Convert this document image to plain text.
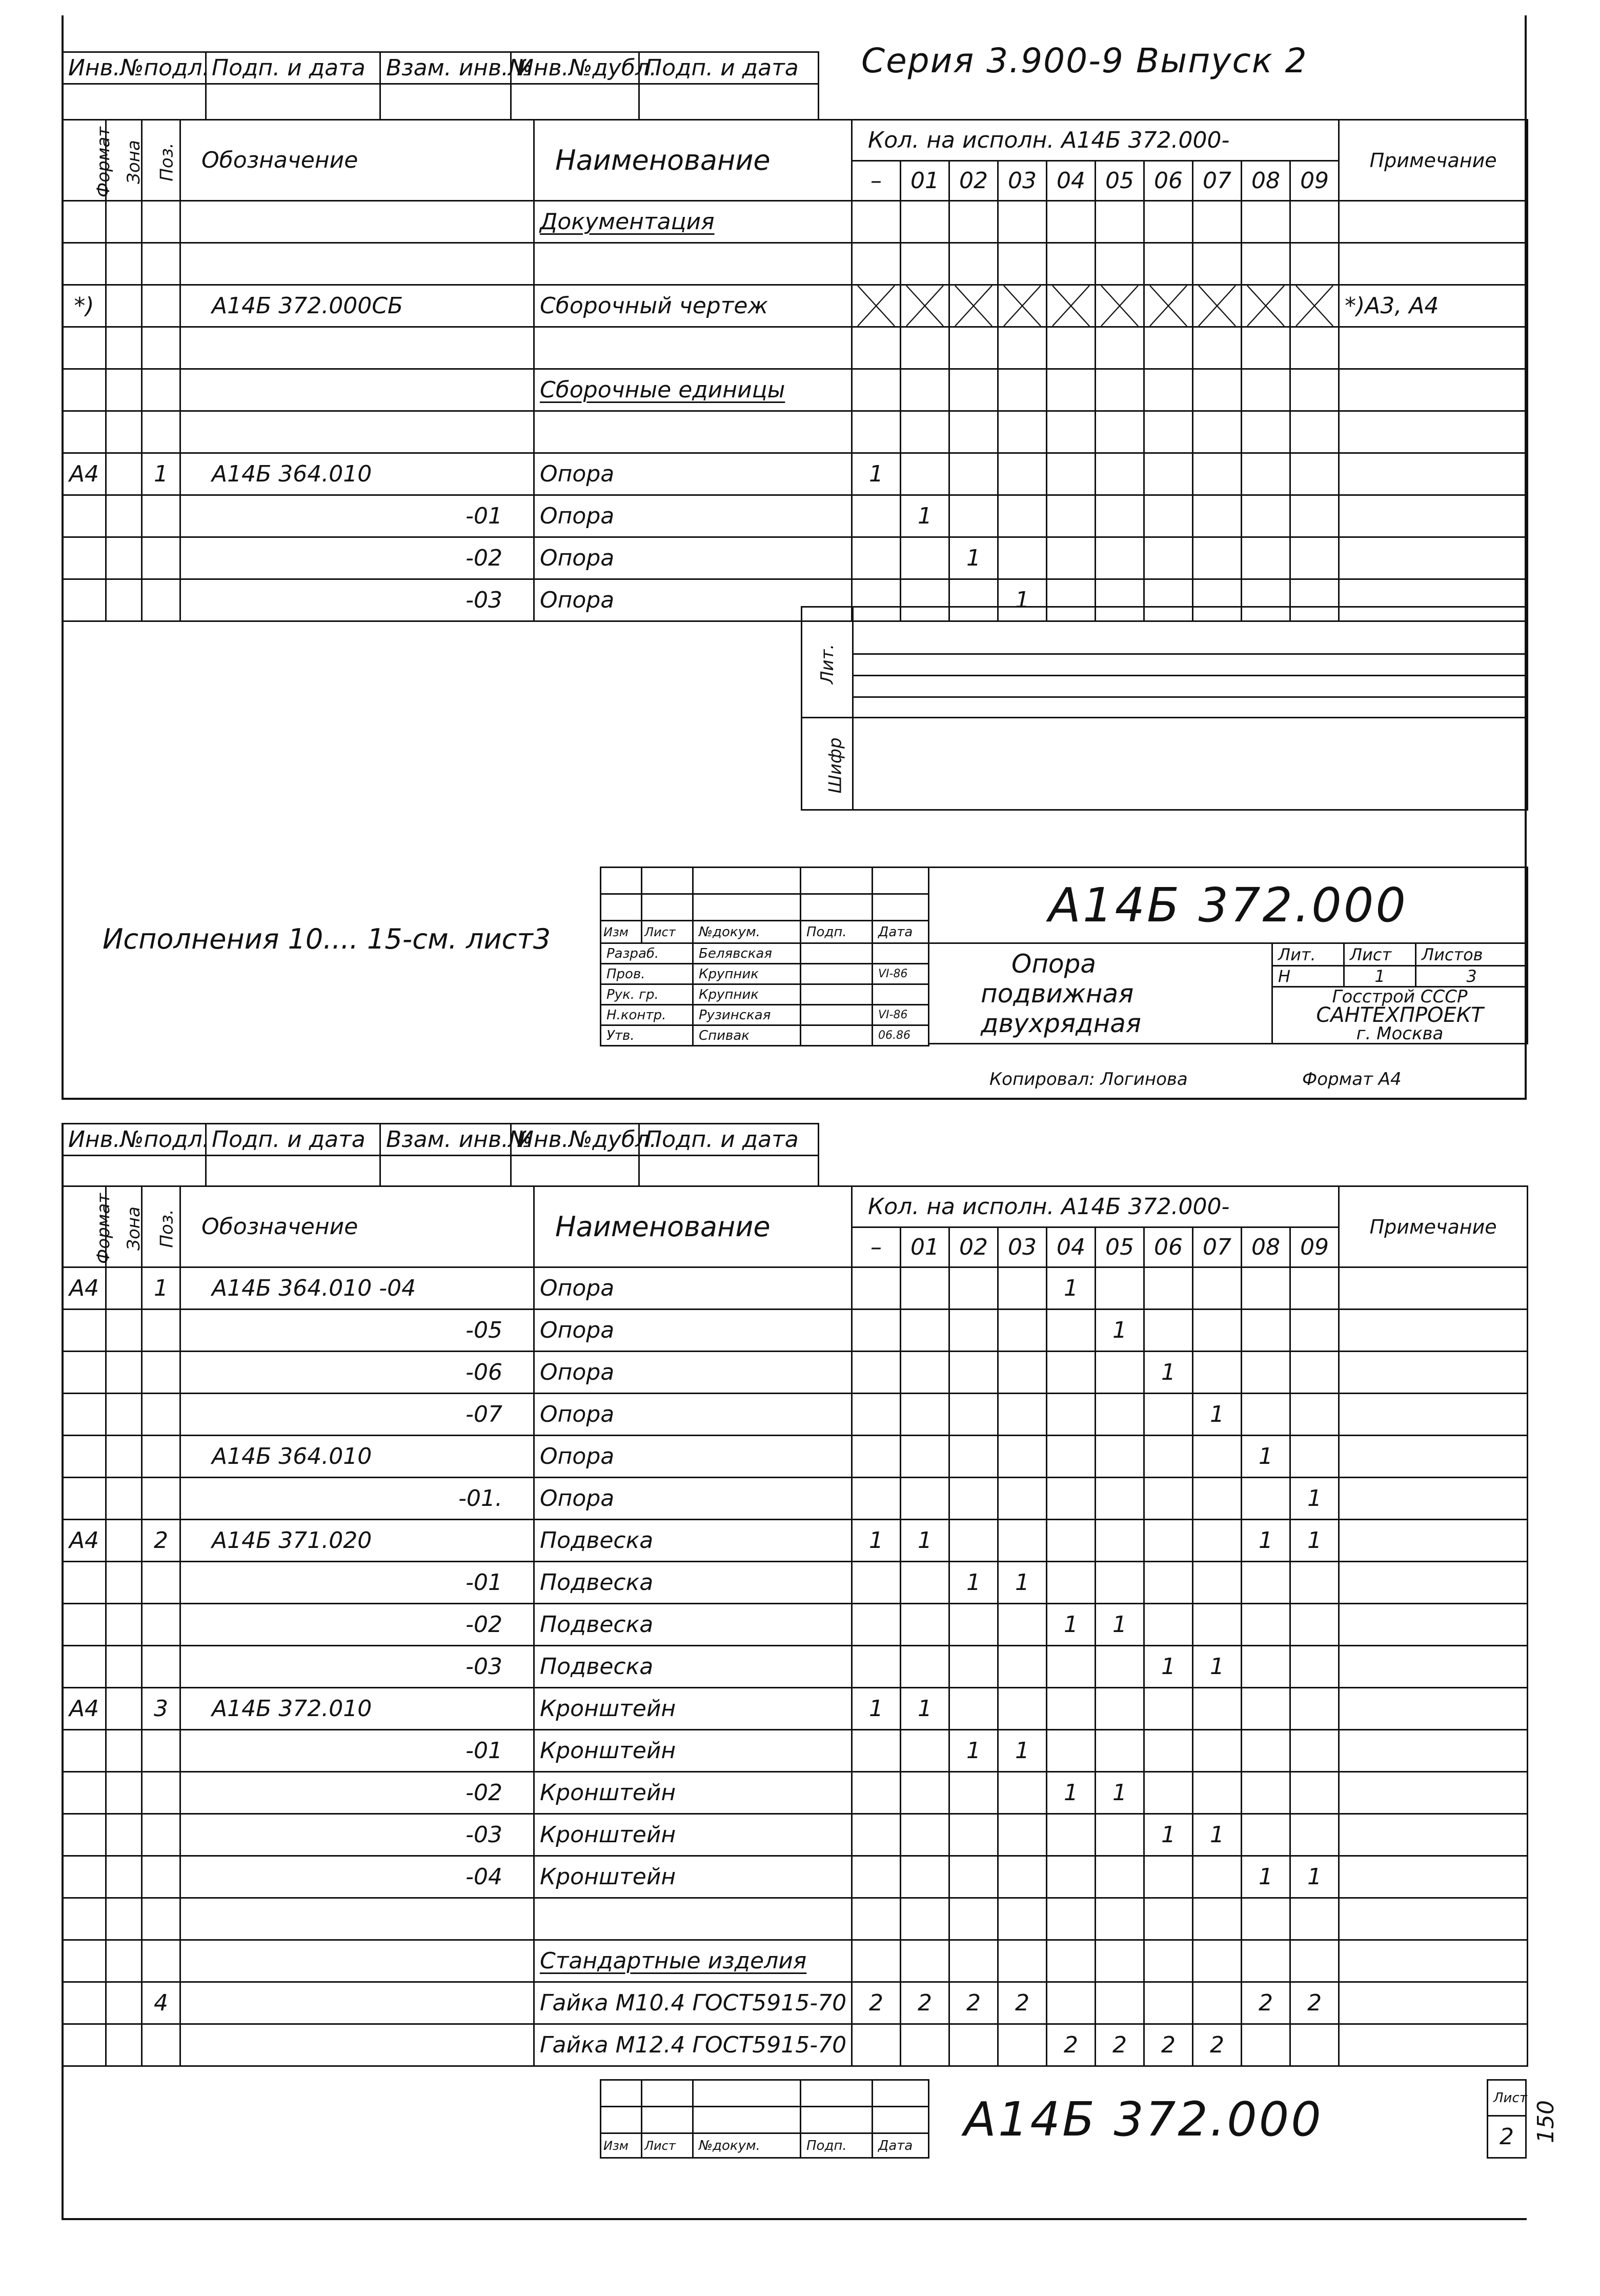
Инв.№подл.	Подп. и дата	Взам. инв.№	Инв.№дубл.	Подп. и дата
				Серия 3.900-9 Выпуск 2
Формат	Зона	Поз.	Обозначение	Наименование	Кол. на исполн. А14Б 372.000-										Примечание
					–	01	02	03	04	05	06	07	08	09	
				Документация											

*)			А14Б 372.000СБ	Сборочный чертеж											*)А3, А4

				Сборочные единицы											

А4		1	А14Б 364.010	Опора	1										
			-01	Опора		1									
			-02	Опора			1								
			-03	Опора				1							
Лит.	

Шифр	
Исполнения 10.... 15-см. лист3

					Изм	Лист	№докум.	Подп.	Дата
Разраб.		Белявская		
Пров.		Крупник		VI-86
Рук. гр.		Крупник		
Н.контр.		Рузинская		VI-86
Утв.		Спивак		06.86
А14Б 372.000			

Опора
подвижная
двухрядная	Лит.	Лист	Листов
	Н	1	3

	Госстрой СССР
САНТЕХПРОЕКТ
г. Москва		
Копировал: Логинова	Формат А4
Инв.№подл.	Подп. и дата	Взам. инв.№	Инв.№дубл.	Подп. и дата

Формат	Зона	Поз.	Обозначение	Наименование	Кол. на исполн. А14Б 372.000-										Примечание
					–	01	02	03	04	05	06	07	08	09	
А4		1	А14Б 364.010 -04	Опора					1						
			-05	Опора						1					
			-06	Опора							1				
			-07	Опора								1			
			А14Б 364.010	Опора									1		
			-01.	Опора										1	
А4		2	А14Б 371.020	Подвеска	1	1							1	1	
			-01	Подвеска			1	1							
			-02	Подвеска					1	1					
			-03	Подвеска							1	1			
А4		3	А14Б 372.010	Кронштейн	1	1									
			-01	Кронштейн			1	1							
			-02	Кронштейн					1	1					
			-03	Кронштейн							1	1			
			-04	Кронштейн									1	1	

				Стандартные изделия											
		4		Гайка М10.4 ГОСТ5915-70	2	2	2	2					2	2	
				Гайка М12.4 ГОСТ5915-70					2	2	2	2			

Изм	Лист	№докум.	Подп.	Дата А14Б 372.000	Лист
2 150
